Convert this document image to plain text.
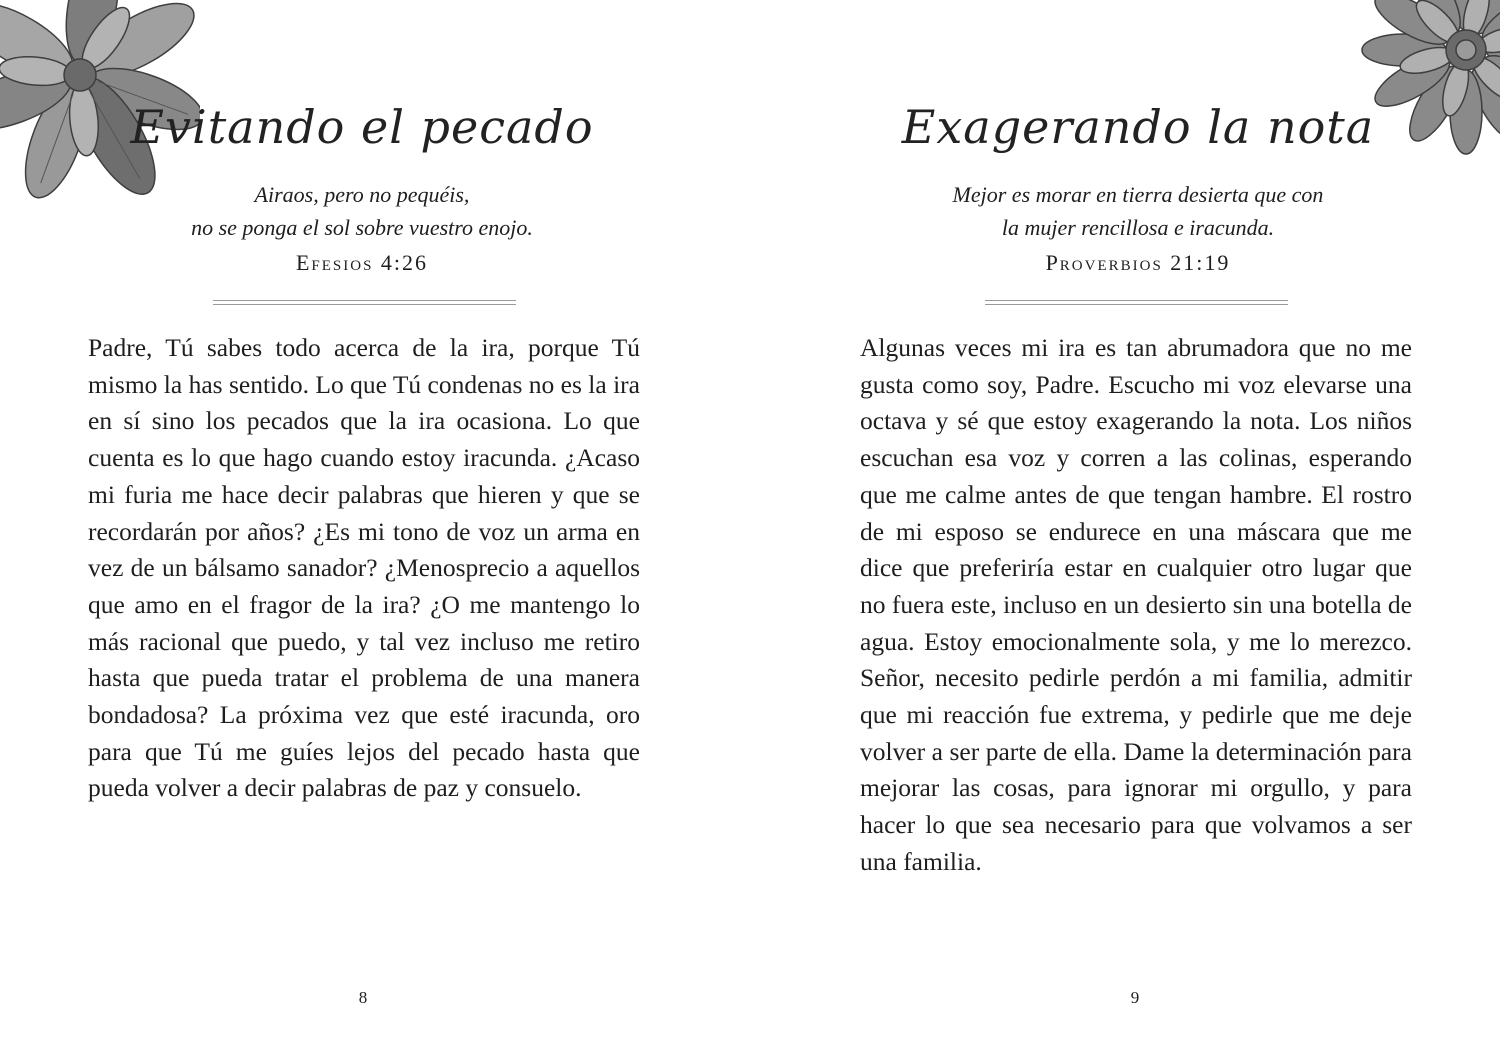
Evitando el pecado
Airaos, pero no pequéis,
no se ponga el sol sobre vuestro enojo.
Efesios 4:26

Padre, Tú sabes todo acerca de la ira, porque Tú mismo la has sentido. Lo que Tú condenas no es la ira en sí sino los pecados que la ira ocasiona. Lo que cuenta es lo que hago cuando estoy iracunda. ¿Acaso mi furia me hace decir palabras que hieren y que se recordarán por años? ¿Es mi tono de voz un arma en vez de un bálsamo sanador? ¿Menosprecio a aquellos que amo en el fragor de la ira? ¿O me mantengo lo más racional que puedo, y tal vez incluso me retiro hasta que pueda tratar el problema de una manera bondadosa? La próxima vez que esté iracunda, oro para que Tú me guíes lejos del pecado hasta que pueda volver a decir palabras de paz y consuelo.

8
Exagerando la nota
Mejor es morar en tierra desierta que con
la mujer rencillosa e iracunda.
Proverbios 21:19

Algunas veces mi ira es tan abrumadora que no me gusta como soy, Padre. Escucho mi voz elevarse una octava y sé que estoy exagerando la nota. Los niños escuchan esa voz y corren a las colinas, esperando que me calme antes de que tengan hambre. El rostro de mi esposo se endurece en una máscara que me dice que preferiría estar en cualquier otro lugar que no fuera este, incluso en un desierto sin una botella de agua. Estoy emocionalmente sola, y me lo merezco. Señor, necesito pedirle perdón a mi familia, admitir que mi reacción fue extrema, y pedirle que me deje volver a ser parte de ella. Dame la determinación para mejorar las cosas, para ignorar mi orgullo, y para hacer lo que sea necesario para que volvamos a ser una familia.

9
